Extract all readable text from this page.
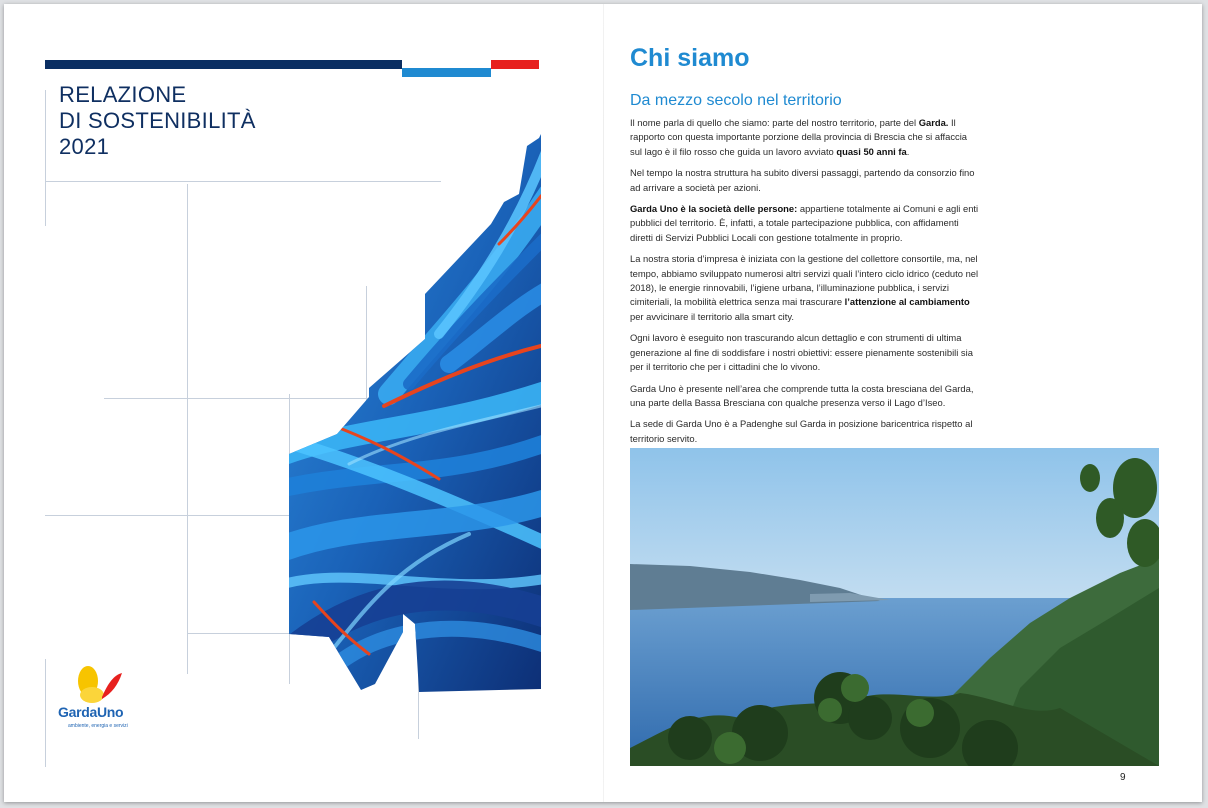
RELAZIONE
DI SOSTENIBILITÀ
2021
GardaUno
ambiente, energia e servizi
Chi siamo
Da mezzo secolo nel territorio

Il nome parla di quello che siamo: parte del nostro territorio, parte del Garda. Il rapporto con questa importante porzione della provincia di Brescia che si affaccia sul lago è il filo rosso che guida un lavoro avviato quasi 50 anni fa.

Nel tempo la nostra struttura ha subito diversi passaggi, partendo da consorzio fino ad arrivare a società per azioni.

Garda Uno è la società delle persone: appartiene totalmente ai Comuni e agli enti pubblici del territorio. È, infatti, a totale partecipazione pubblica, con affidamenti diretti di Servizi Pubblici Locali con gestione totalmente in proprio.

La nostra storia d’impresa è iniziata con la gestione del collettore consortile, ma, nel tempo, abbiamo sviluppato numerosi altri servizi quali l’intero ciclo idrico (ceduto nel 2018), le energie rinnovabili, l’igiene urbana, l’illuminazione pubblica, i servizi cimiteriali, la mobilità elettrica senza mai trascurare l’attenzione al cambiamento per avvicinare il territorio alla smart city.

Ogni lavoro è eseguito non trascurando alcun dettaglio e con strumenti di ultima generazione al fine di soddisfare i nostri obiettivi: essere pienamente sostenibili sia per il territorio che per i cittadini che lo vivono.

Garda Uno è presente nell’area che comprende tutta la costa bresciana del Garda, una parte della Bassa Bresciana con qualche presenza verso il Lago d’Iseo.

La sede di Garda Uno è a Padenghe sul Garda in posizione baricentrica rispetto al territorio servito.

9
